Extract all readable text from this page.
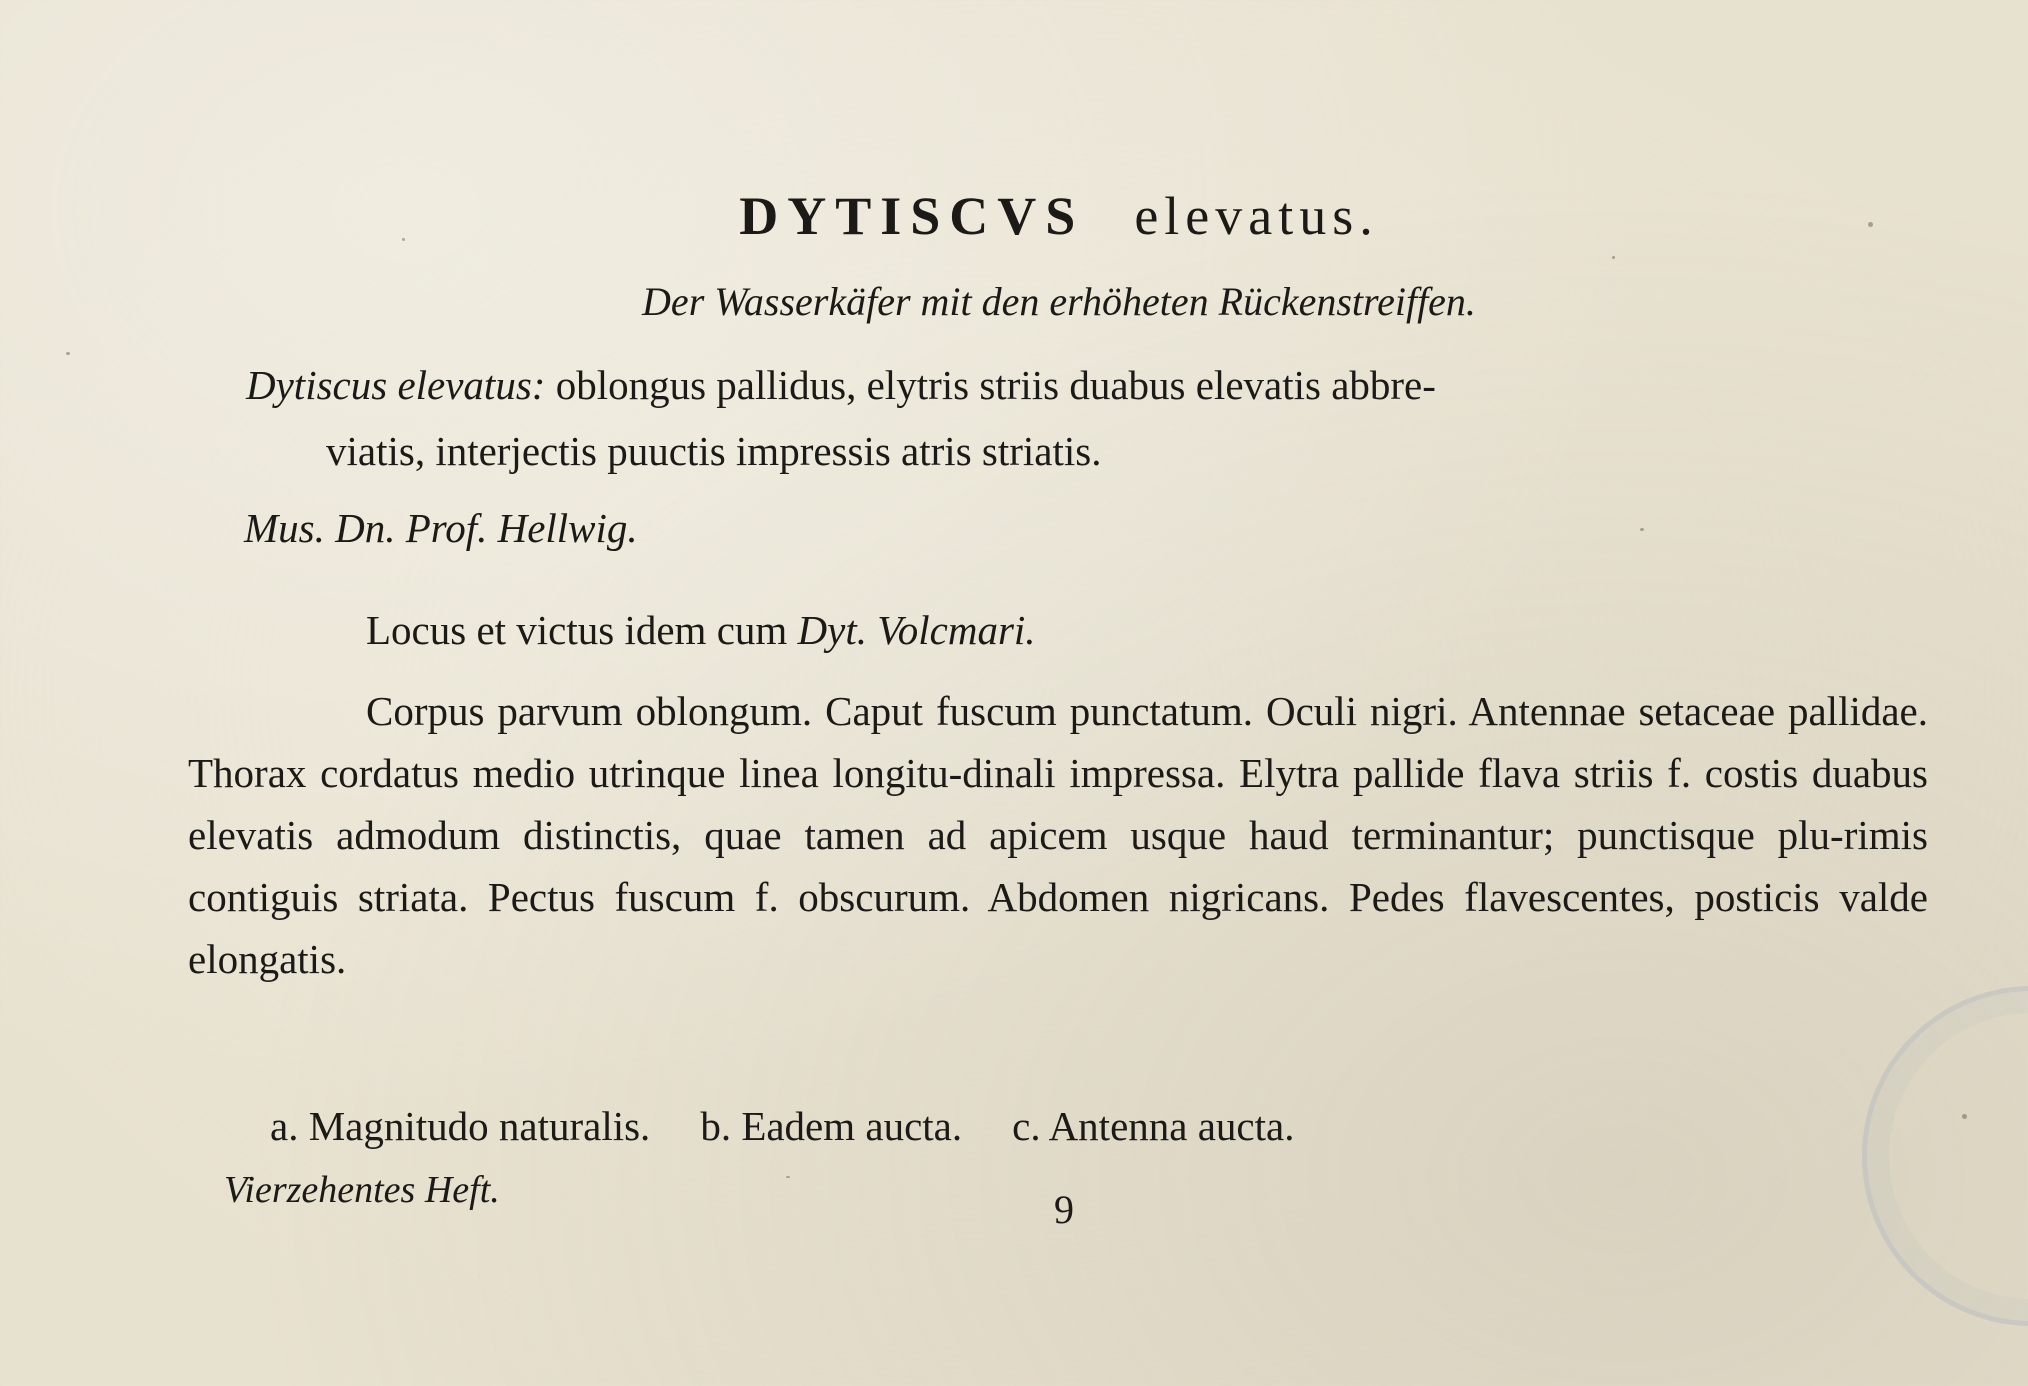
DYTISCVS elevatus.
Der Wasserkäfer mit den erhöheten Rückenstreiffen.
Dytiscus elevatus: oblongus pallidus, elytris striis duabus elevatis abbre-
viatis, interjectis puuctis impressis atris striatis.
Mus. Dn. Prof. Hellwig.
Locus et victus idem cum Dyt. Volcmari.
Corpus parvum oblongum. Caput fuscum punctatum. Oculi nigri. Antennae setaceae pallidae. Thorax cordatus medio utrinque linea longitu-dinali impressa. Elytra pallide flava striis f. costis duabus elevatis admodum distinctis, quae tamen ad apicem usque haud terminantur; punctisque plu-rimis contiguis striata. Pectus fuscum f. obscurum. Abdomen nigricans. Pedes flavescentes, posticis valde elongatis.
a. Magnitudo naturalis. b. Eadem aucta. c. Antenna aucta.
Vierzehentes Heft.	9
